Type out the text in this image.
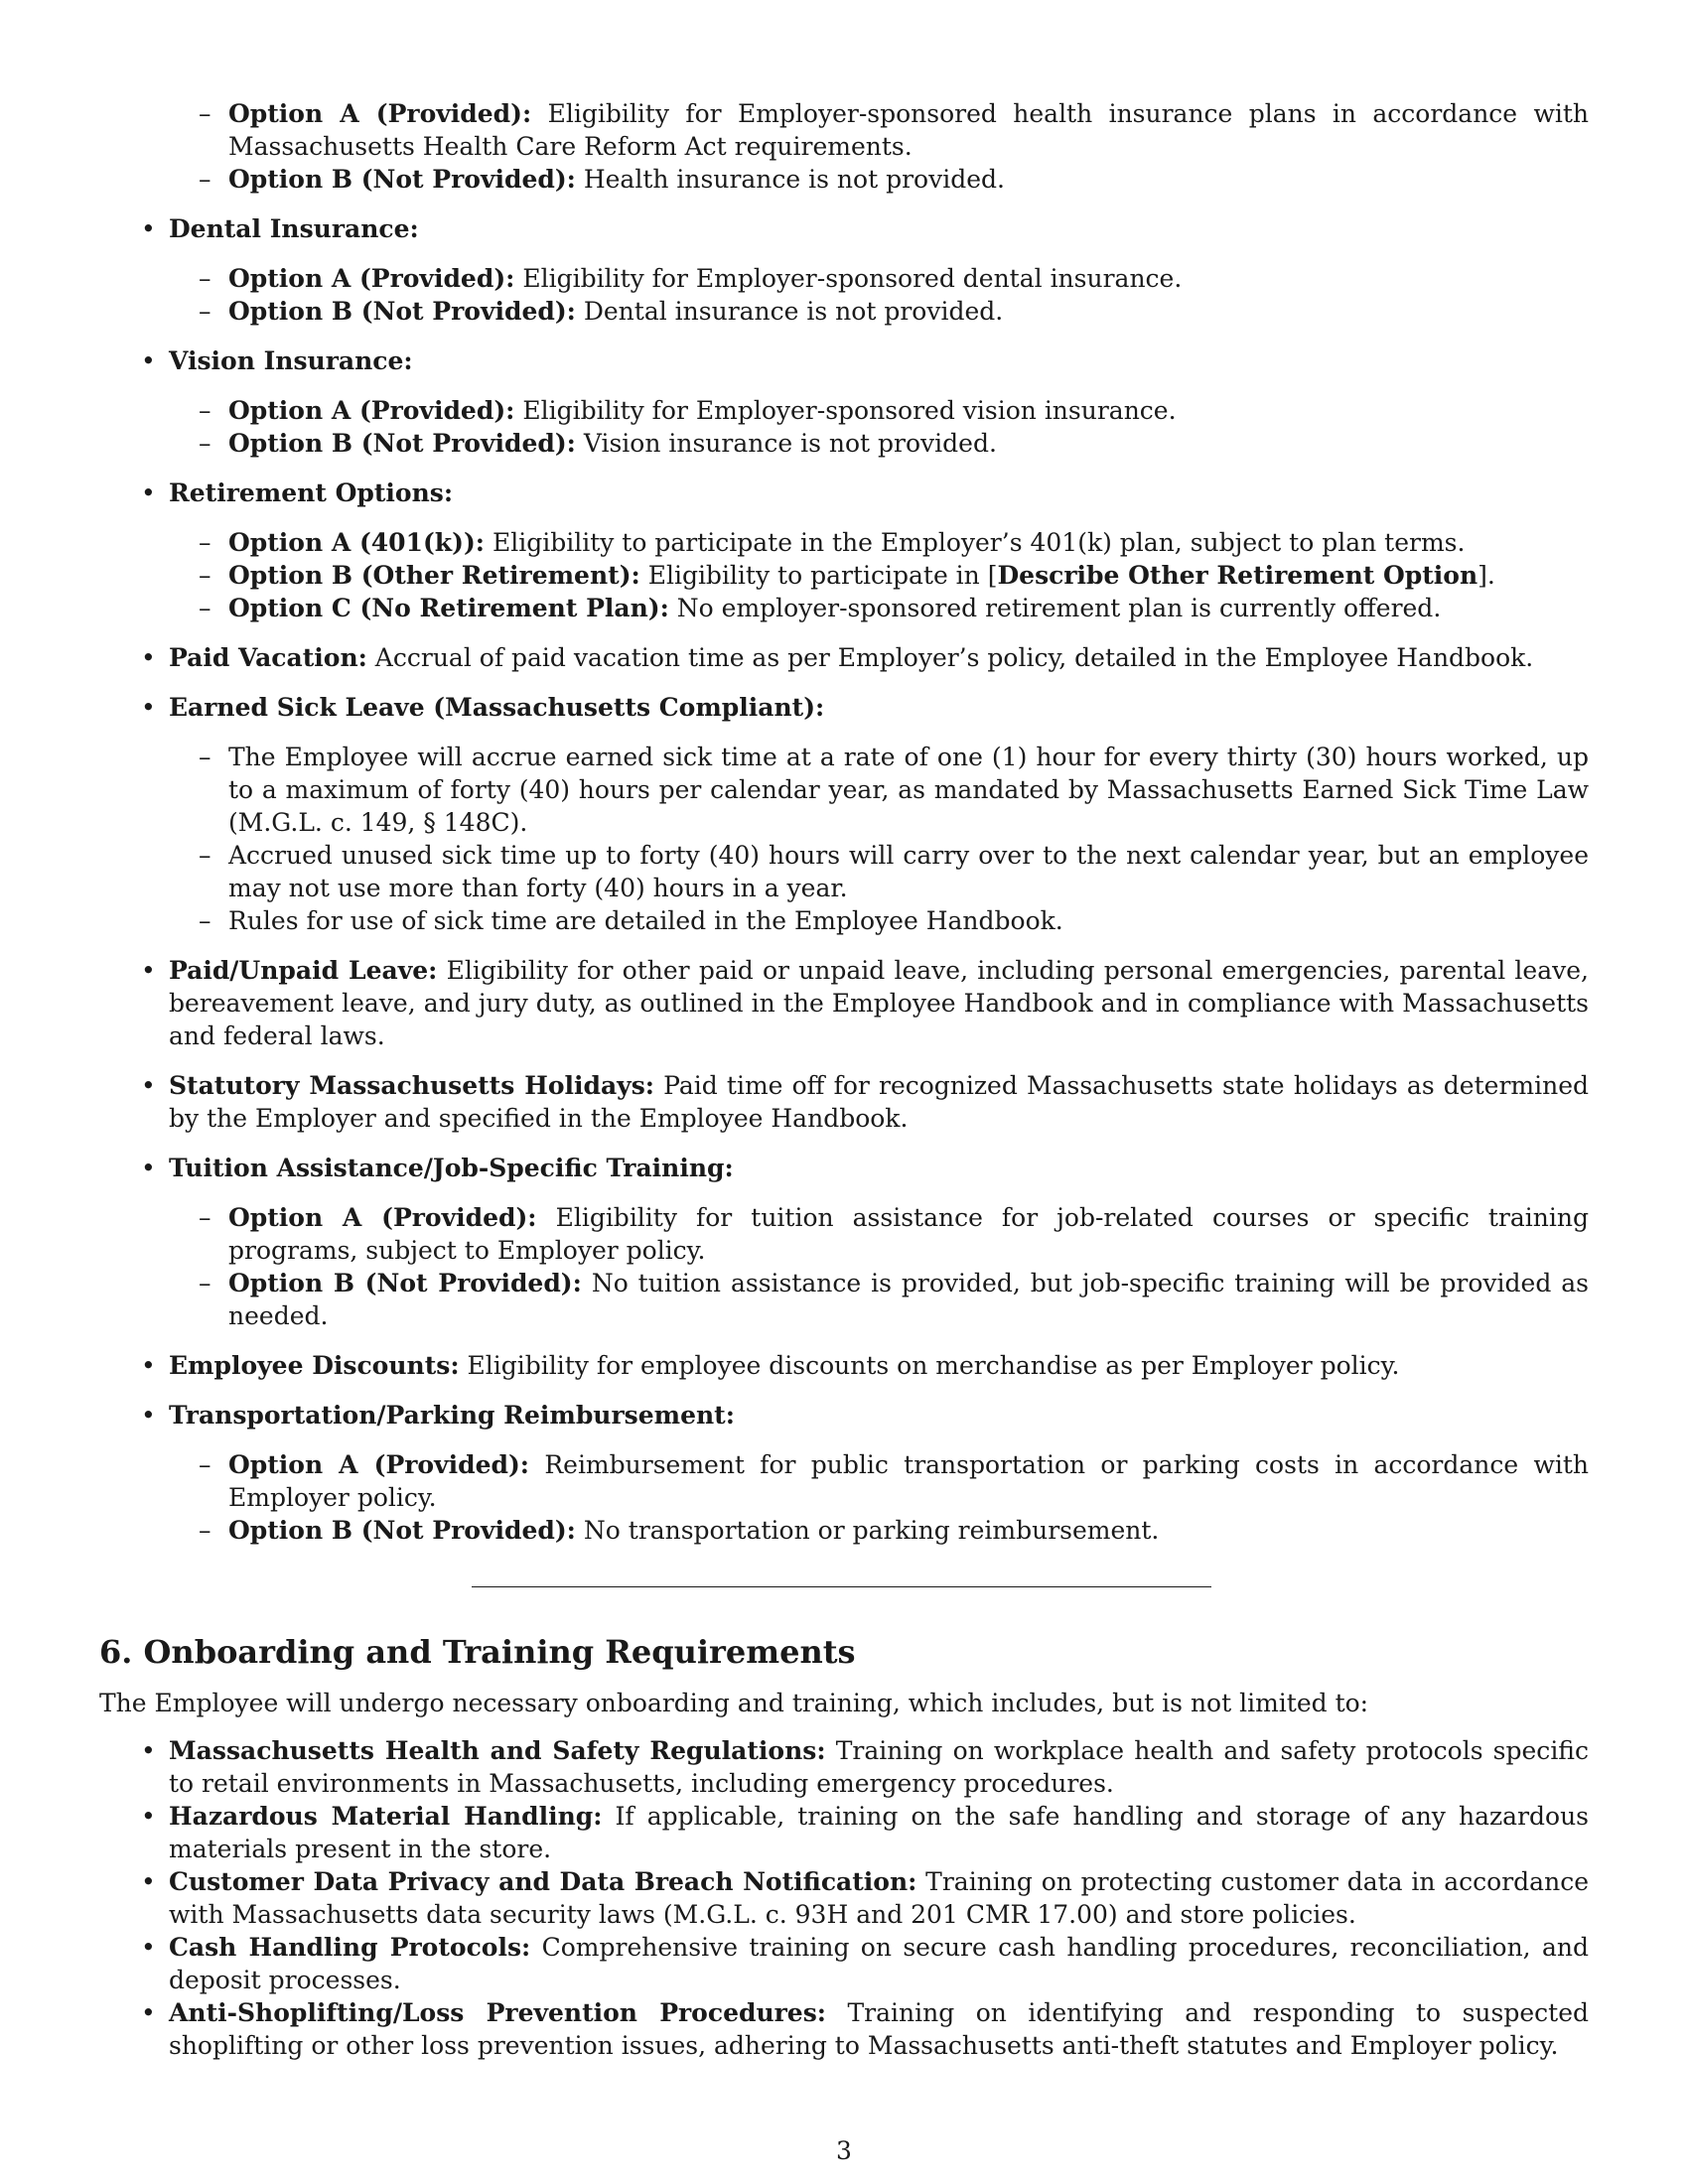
– Option A (Provided): Eligibility for Employer-sponsored health insurance plans in accordance with Massachusetts Health Care Reform Act requirements.
– Option B (Not Provided): Health insurance is not provided.
• Dental Insurance:
– Option A (Provided): Eligibility for Employer-sponsored dental insurance.
– Option B (Not Provided): Dental insurance is not provided.
• Vision Insurance:
– Option A (Provided): Eligibility for Employer-sponsored vision insurance.
– Option B (Not Provided): Vision insurance is not provided.
• Retirement Options:
– Option A (401(k)): Eligibility to participate in the Employer’s 401(k) plan, subject to plan terms.
– Option B (Other Retirement): Eligibility to participate in [Describe Other Retirement Option].
– Option C (No Retirement Plan): No employer-sponsored retirement plan is currently offered.
• Paid Vacation: Accrual of paid vacation time as per Employer’s policy, detailed in the Employee Handbook.
• Earned Sick Leave (Massachusetts Compliant):
– The Employee will accrue earned sick time at a rate of one (1) hour for every thirty (30) hours worked, up to a maximum of forty (40) hours per calendar year, as mandated by Massachusetts Earned Sick Time Law (M.G.L. c. 149, § 148C).
– Accrued unused sick time up to forty (40) hours will carry over to the next calendar year, but an employee may not use more than forty (40) hours in a year.
– Rules for use of sick time are detailed in the Employee Handbook.
• Paid/Unpaid Leave: Eligibility for other paid or unpaid leave, including personal emergencies, parental leave, bereavement leave, and jury duty, as outlined in the Employee Handbook and in compliance with Massachusetts and federal laws.
• Statutory Massachusetts Holidays: Paid time off for recognized Massachusetts state holidays as determined by the Employer and specified in the Employee Handbook.
• Tuition Assistance/Job-Specific Training:
– Option A (Provided): Eligibility for tuition assistance for job-related courses or specific training programs, subject to Employer policy.
– Option B (Not Provided): No tuition assistance is provided, but job-specific training will be provided as needed.
• Employee Discounts: Eligibility for employee discounts on merchandise as per Employer policy.
• Transportation/Parking Reimbursement:
– Option A (Provided): Reimbursement for public transportation or parking costs in accordance with Employer policy.
– Option B (Not Provided): No transportation or parking reimbursement.
6. Onboarding and Training Requirements

The Employee will undergo necessary onboarding and training, which includes, but is not limited to:

• Massachusetts Health and Safety Regulations: Training on workplace health and safety protocols specific to retail environments in Massachusetts, including emergency procedures.
• Hazardous Material Handling: If applicable, training on the safe handling and storage of any hazardous materials present in the store.
• Customer Data Privacy and Data Breach Notification: Training on protecting customer data in accordance with Massachusetts data security laws (M.G.L. c. 93H and 201 CMR 17.00) and store policies.
• Cash Handling Protocols: Comprehensive training on secure cash handling procedures, reconciliation, and deposit processes.
• Anti-Shoplifting/Loss Prevention Procedures: Training on identifying and responding to suspected shoplifting or other loss prevention issues, adhering to Massachusetts anti-theft statutes and Employer policy.
3
